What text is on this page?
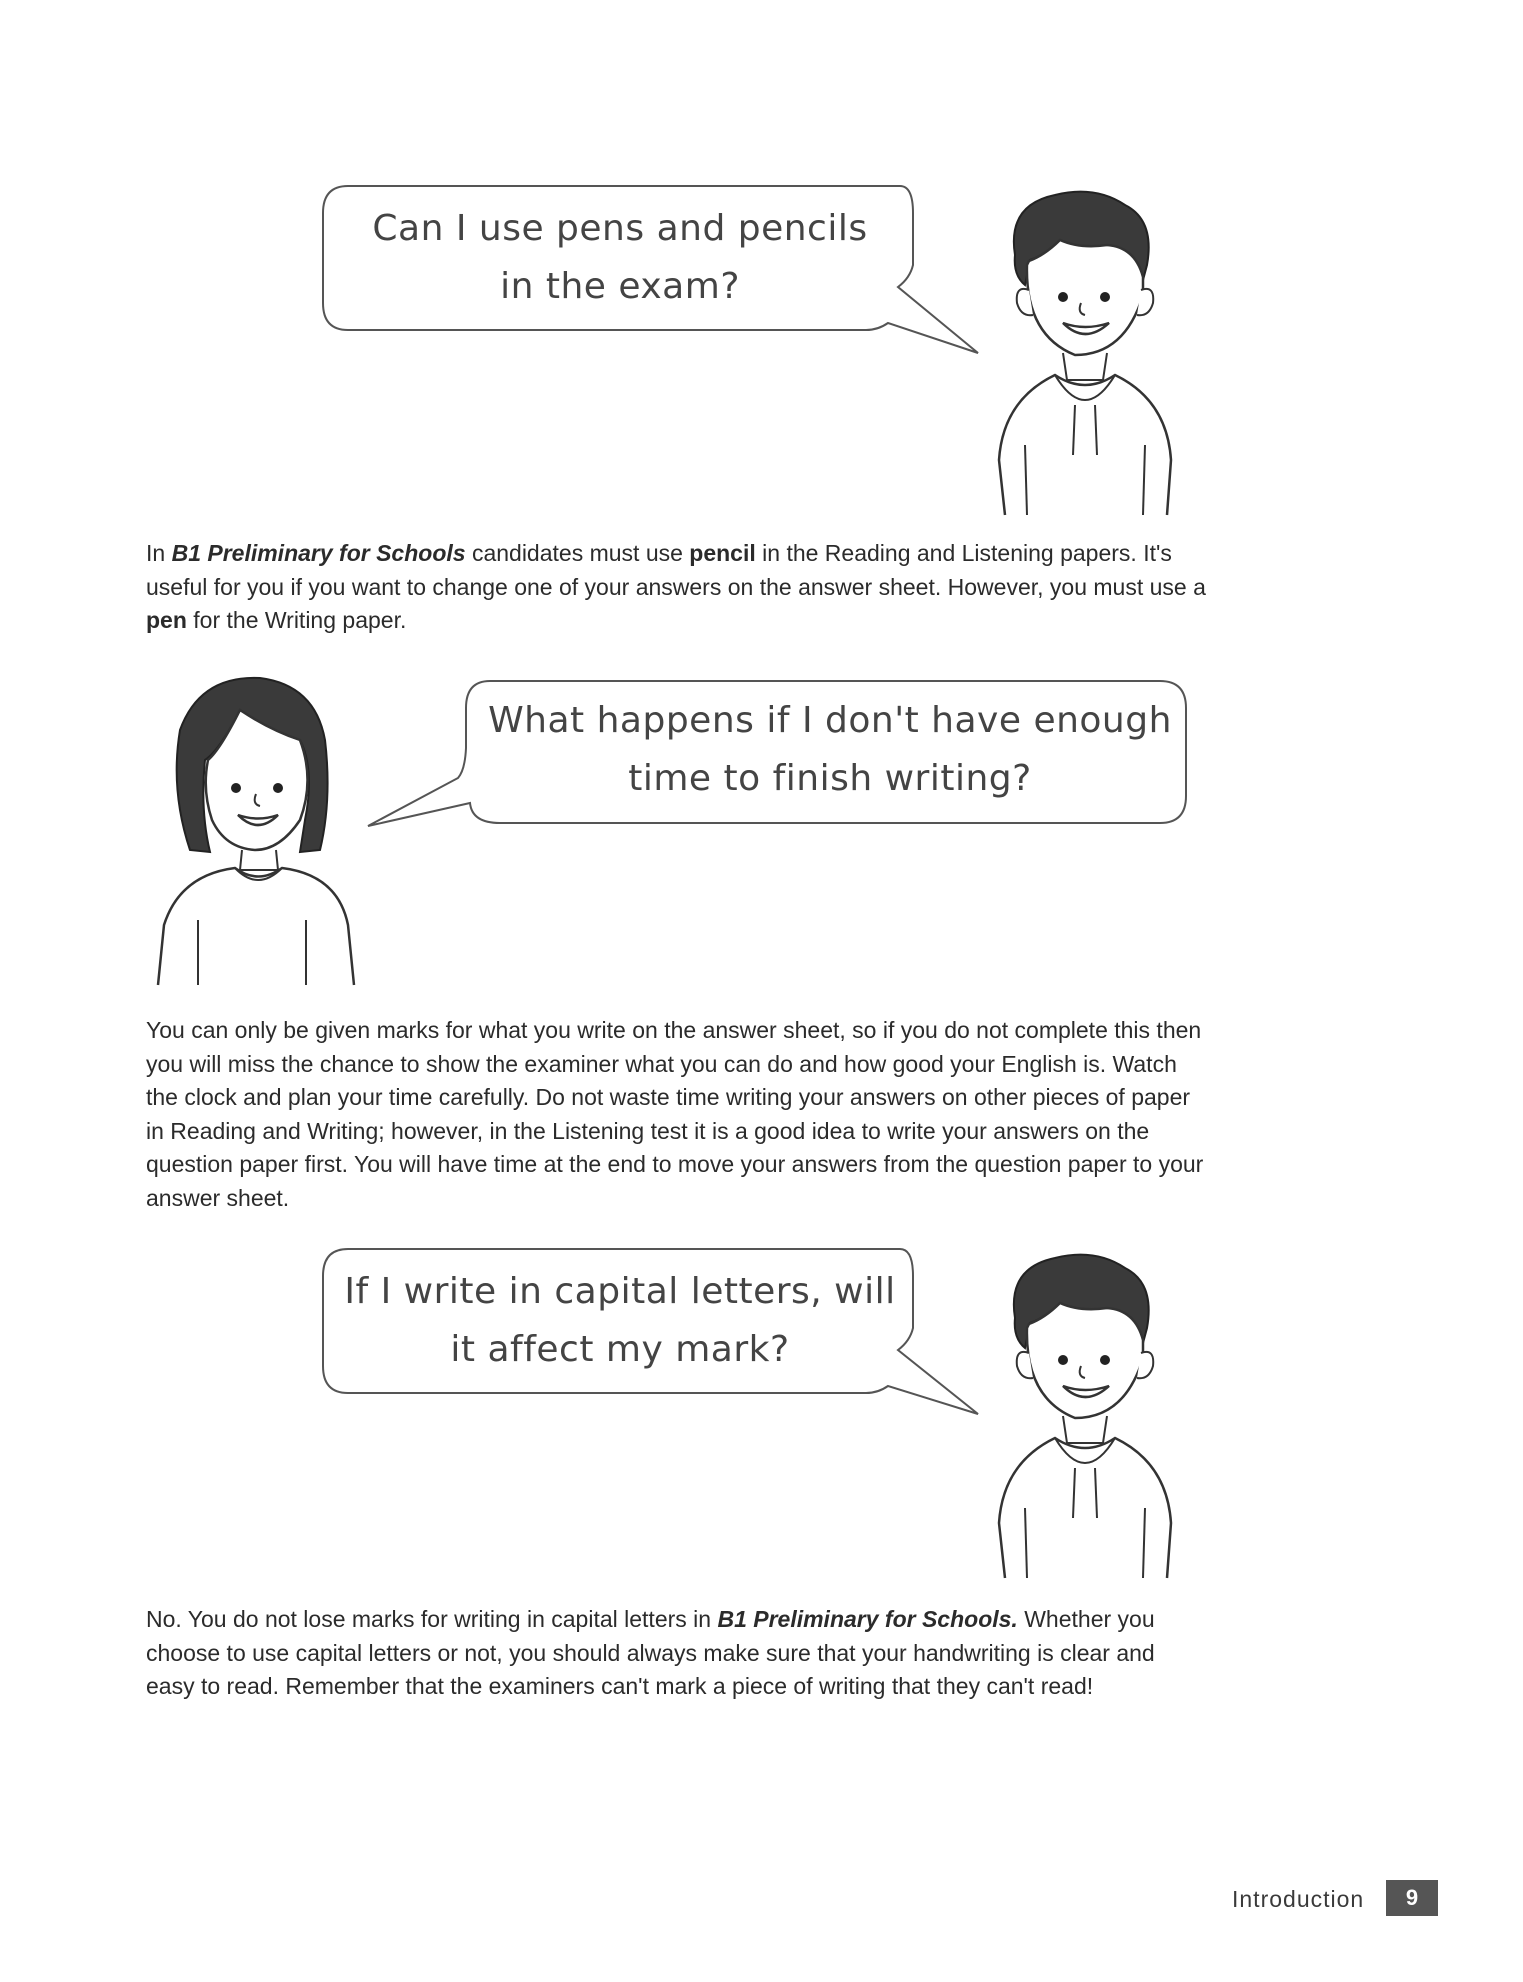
Can I use pens and pencils
in the exam?
In B1 Preliminary for Schools candidates must use pencil in the Reading and Listening papers. It's useful for you if you want to change one of your answers on the answer sheet. However, you must use a pen for the Writing paper.
What happens if I don't have enough
time to finish writing?
You can only be given marks for what you write on the answer sheet, so if you do not complete this then you will miss the chance to show the examiner what you can do and how good your English is. Watch the clock and plan your time carefully. Do not waste time writing your answers on other pieces of paper in Reading and Writing; however, in the Listening test it is a good idea to write your answers on the question paper first. You will have time at the end to move your answers from the question paper to your answer sheet.
If I write in capital letters, will
it affect my mark?
No. You do not lose marks for writing in capital letters in B1 Preliminary for Schools. Whether you choose to use capital letters or not, you should always make sure that your handwriting is clear and easy to read. Remember that the examiners can't mark a piece of writing that they can't read!
Introduction	9
